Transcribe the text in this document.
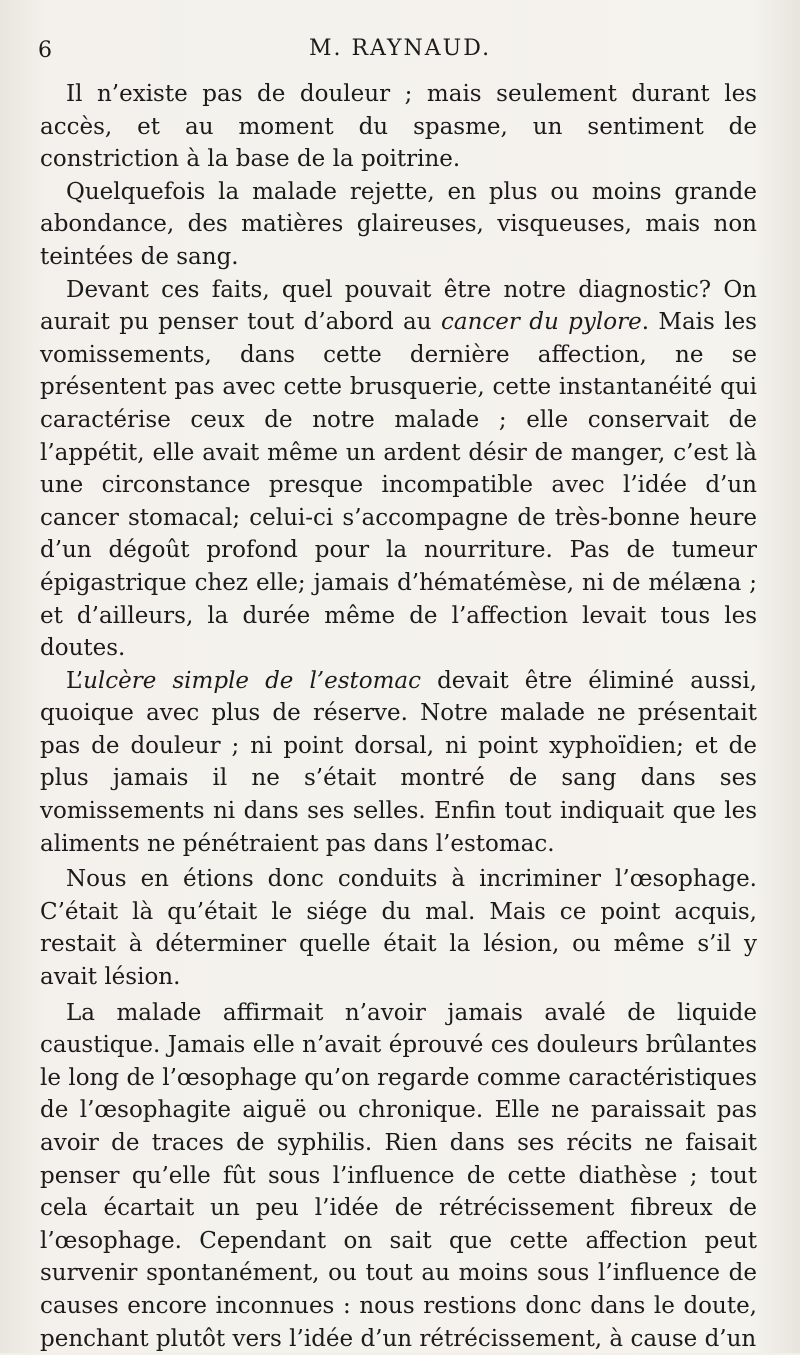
6	M. RAYNAUD.

Il n’existe pas de douleur ; mais seulement durant les accès, et au moment du spasme, un sentiment de constriction à la base de la poitrine.

Quelquefois la malade rejette, en plus ou moins grande abondance, des matières glaireuses, visqueuses, mais non teintées de sang.

Devant ces faits, quel pouvait être notre diagnostic? On aurait pu penser tout d’abord au cancer du pylore. Mais les vomissements, dans cette dernière affection, ne se présentent pas avec cette brusquerie, cette instantanéité qui caractérise ceux de notre malade ; elle conservait de l’appétit, elle avait même un ardent désir de manger, c’est là une circonstance presque incompatible avec l’idée d’un cancer stomacal; celui-ci s’accompagne de très-bonne heure d’un dégoût profond pour la nourriture. Pas de tumeur épigastrique chez elle; jamais d’hématémèse, ni de mélæna ; et d’ailleurs, la durée même de l’affection levait tous les doutes.

L’ulcère simple de l’estomac devait être éliminé aussi, quoique avec plus de réserve. Notre malade ne présentait pas de douleur ; ni point dorsal, ni point xyphoïdien; et de plus jamais il ne s’était montré de sang dans ses vomissements ni dans ses selles. Enfin tout indiquait que les aliments ne pénétraient pas dans l’estomac.

Nous en étions donc conduits à incriminer l’œsophage. C’était là qu’était le siége du mal. Mais ce point acquis, restait à déterminer quelle était la lésion, ou même s’il y avait lésion.

La malade affirmait n’avoir jamais avalé de liquide caustique. Jamais elle n’avait éprouvé ces douleurs brûlantes le long de l’œsophage qu’on regarde comme caractéristiques de l’œsophagite aiguë ou chronique. Elle ne paraissait pas avoir de traces de syphilis. Rien dans ses récits ne faisait penser qu’elle fût sous l’influence de cette diathèse ; tout cela écartait un peu l’idée de rétrécissement fibreux de l’œsophage. Cependant on sait que cette affection peut survenir spontanément, ou tout au moins sous l’influence de causes encore inconnues : nous restions donc dans le doute, penchant plutôt vers l’idée d’un rétrécissement, à cause d’un
